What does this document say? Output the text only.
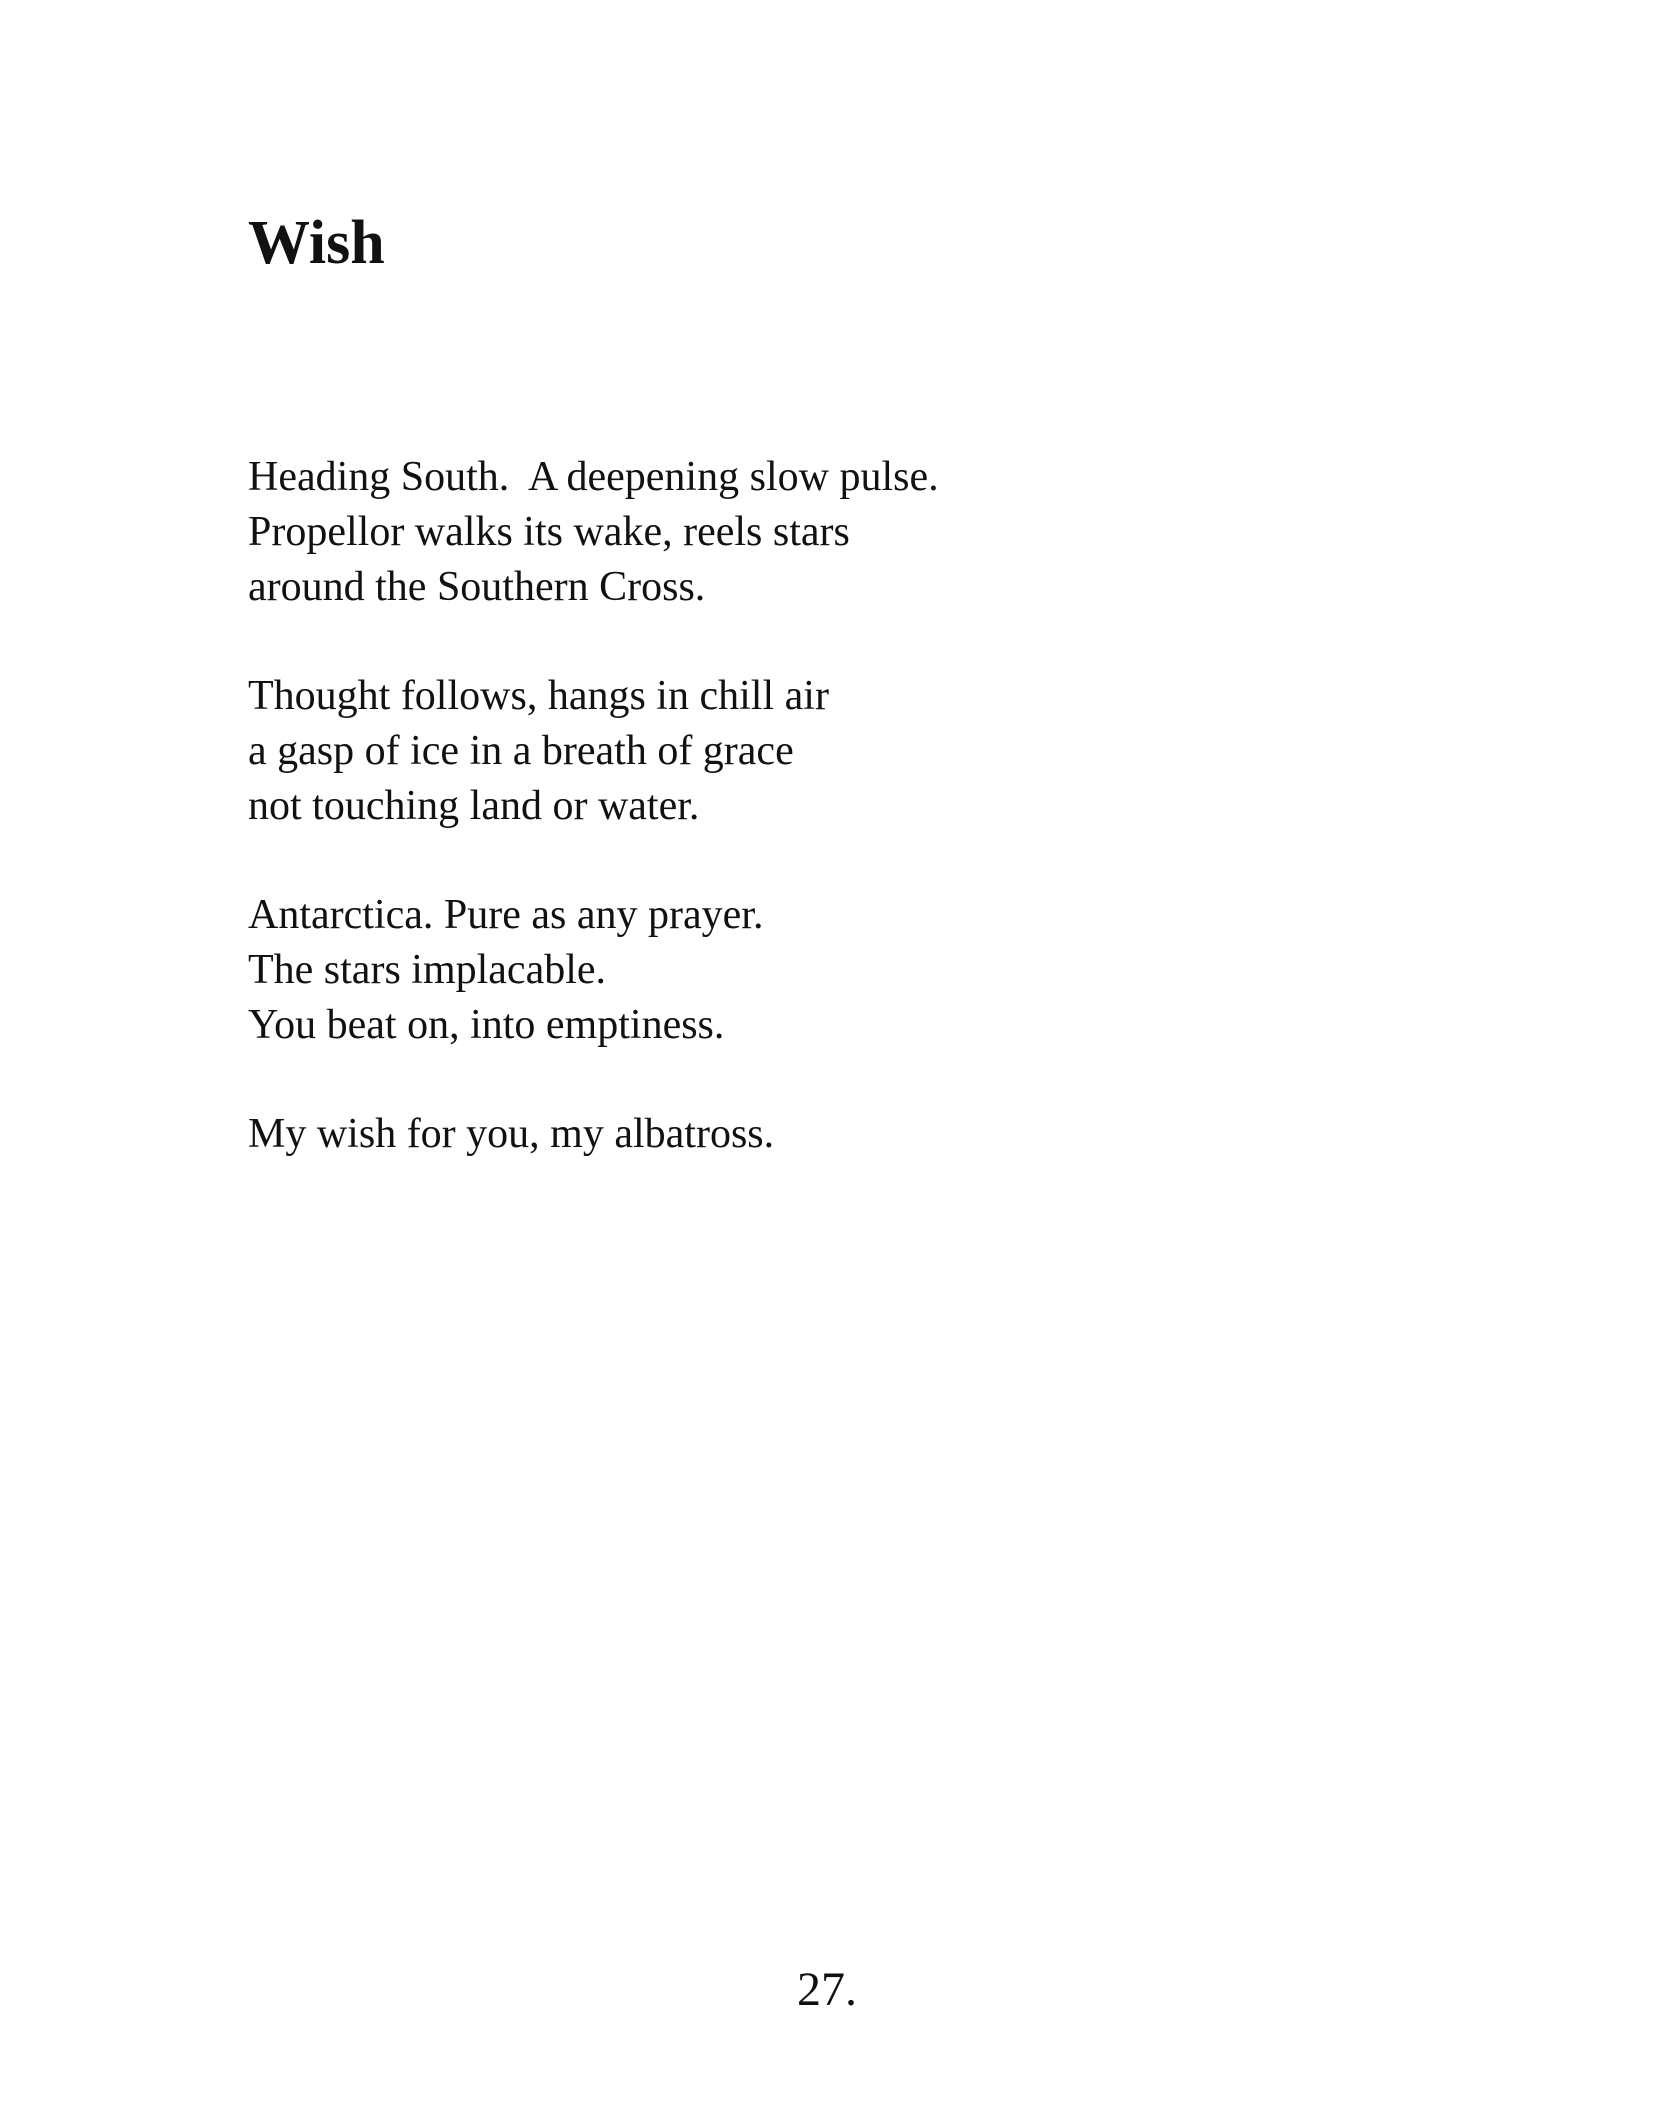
Wish
Heading South.  A deepening slow pulse.
Propellor walks its wake, reels stars
around the Southern Cross.
Thought follows, hangs in chill air
a gasp of ice in a breath of grace
not touching land or water.
Antarctica. Pure as any prayer.
The stars implacable.
You beat on, into emptiness.
My wish for you, my albatross.
27.
